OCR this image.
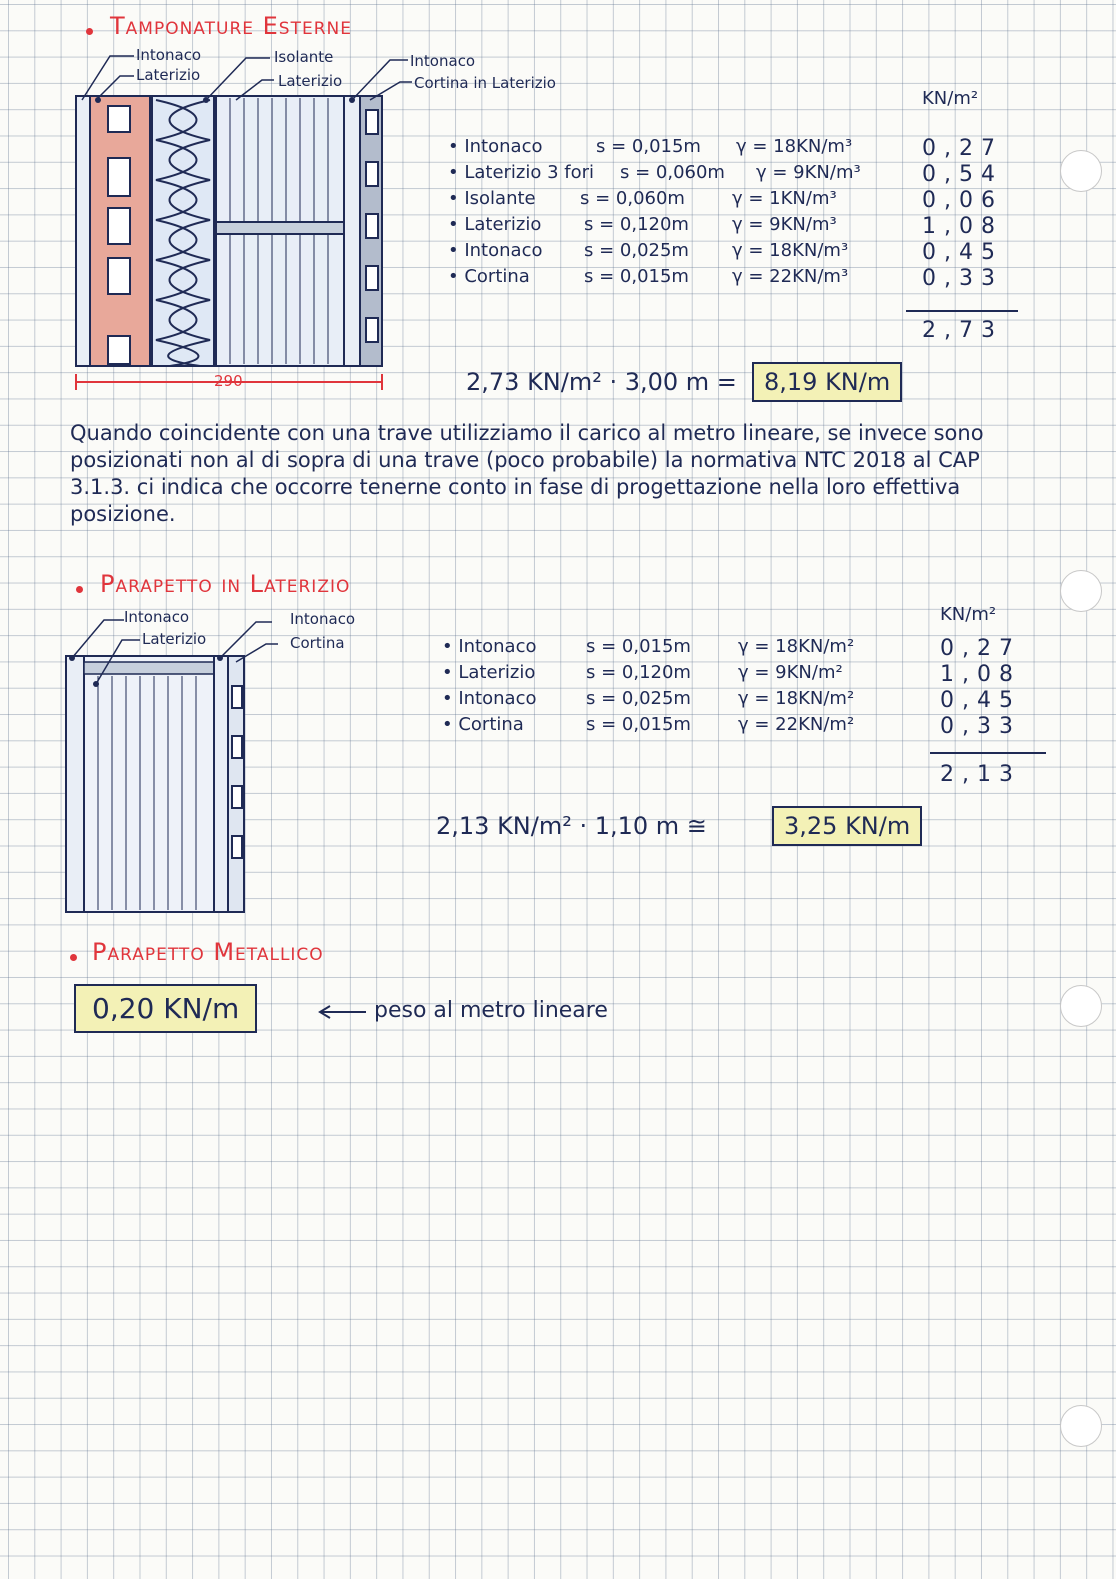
Tamponature Esterne
Intonaco
Laterizio
Isolante
Laterizio
Intonaco
Cortina in Laterizio
290
KN/m²
• Intonaco	s = 0,015m γ = 18KN/m³	0,27
• Laterizio 3 fori s = 0,060m γ = 9KN/m³	0,54
• Isolante s = 0,060m	γ = 1KN/m³	0,06
• Laterizio s = 0,120m γ = 9KN/m³	1,08
• Intonaco s = 0,025m γ = 18KN/m³	0,45
• Cortina	s = 0,015m γ = 22KN/m³	0,33
2,73
2,73 KN/m² · 3,00 m =	8,19 KN/m
Quando coincidente con una trave utilizziamo il carico al metro lineare, se invece sono posizionati non al di sopra di una trave (poco probabile) la normativa NTC 2018 al CAP 3.1.3. ci indica che occorre tenerne conto in fase di progettazione nella loro effettiva posizione.
Parapetto in Laterizio
Intonaco
Laterizio
Intonaco
Cortina
KN/m²
• Intonaco	s = 0,015m	γ = 18KN/m²	0,27
• Laterizio	s = 0,120m	γ = 9KN/m²	1,08
• Intonaco	s = 0,025m	γ = 18KN/m²	0,45
• Cortina	s = 0,015m	γ = 22KN/m²	0,33
2,13
2,13 KN/m² · 1,10 m ≅	3,25 KN/m
Parapetto Metallico
0,20 KN/m	peso al metro lineare
